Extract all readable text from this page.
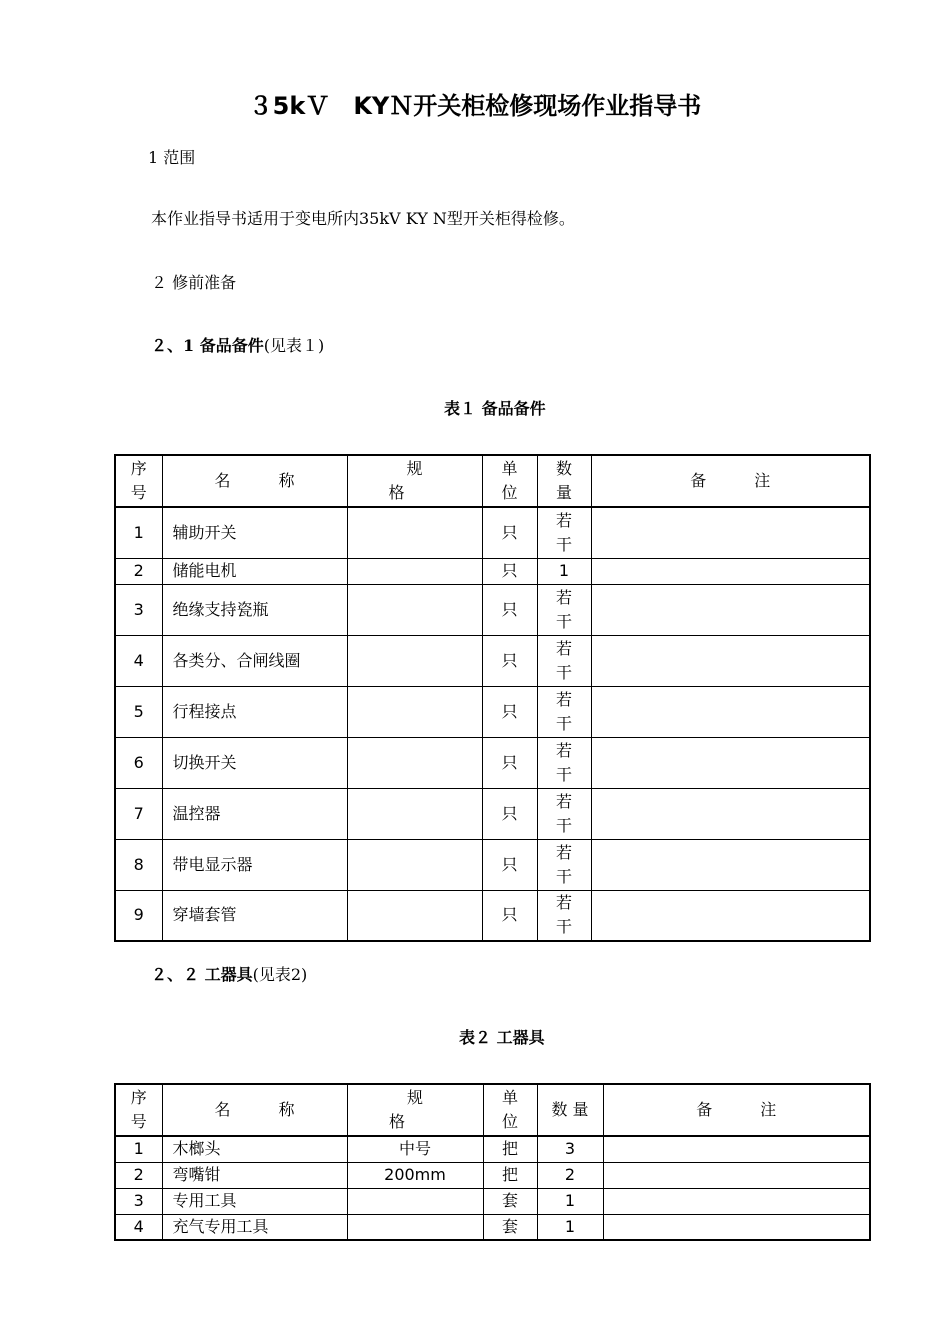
３5kＶ　KYＮ开关柜检修现场作业指导书
1 范围
本作业指导书适用于变电所内35kV KY N型开关柜得检修。
２ 修前准备
２、1 备品备件(见表１)
表１ 备品备件
序号	名称	规格	单位	数量	备注
1	辅助开关		只	若干	

2	储能电机		只	1	
3	绝缘支持瓷瓶		只	若干	

4	各类分、合闸线圈		只	若干	

5	行程接点		只	若干	

6	切换开关		只	若干	

7	温控器		只	若干	

8	带电显示器		只	若干	

9	穿墙套管		只	若干	

２、２ 工器具(见表2)
表２ 工器具
序号	名称	规格	单位	数 量	备注
1	木榔头	中号	把	3	
2	弯嘴钳	200mm	把	2	
3	专用工具		套	1	
4	充气专用工具		套	1	
